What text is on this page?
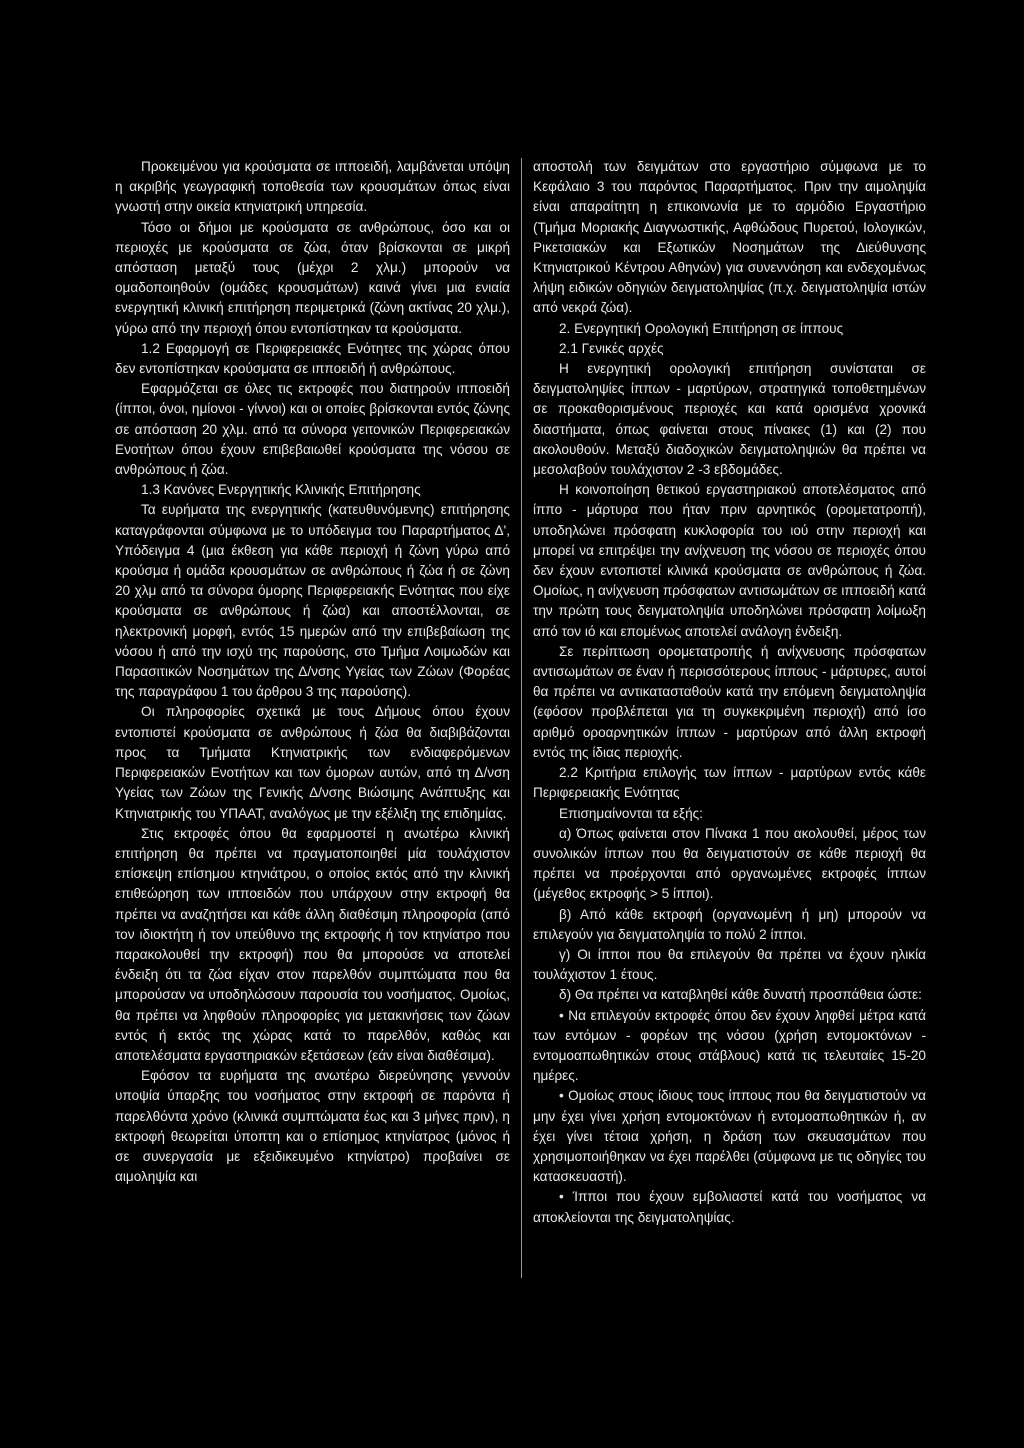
Προκειμένου για κρούσματα σε ιπποειδή, λαμβάνεται υπόψη η ακριβής γεωγραφική τοποθεσία των κρουσμάτων όπως είναι γνωστή στην οικεία κτηνιατρική υπηρεσία.

Τόσο οι δήμοι με κρούσματα σε ανθρώπους, όσο και οι περιοχές με κρούσματα σε ζώα, όταν βρίσκονται σε μικρή απόσταση μεταξύ τους (μέχρι 2 χλμ.) μπορούν να ομαδοποιηθούν (ομάδες κρουσμάτων) καινά γίνει μια ενιαία ενεργητική κλινική επιτήρηση περιμετρικά (ζώνη ακτίνας 20 χλμ.), γύρω από την περιοχή όπου εντοπίστηκαν τα κρούσματα.

1.2 Εφαρμογή σε Περιφερειακές Ενότητες της χώρας όπου δεν εντοπίστηκαν κρούσματα σε ιπποειδή ή ανθρώπους.

Εφαρμόζεται σε όλες τις εκτροφές που διατηρούν ιπποειδή (ίπποι, όνοι, ημίονοι - γίννοι) και οι οποίες βρίσκονται εντός ζώνης σε απόσταση 20 χλμ. από τα σύνορα γειτονικών Περιφερειακών Ενοτήτων όπου έχουν επιβεβαιωθεί κρούσματα της νόσου σε ανθρώπους ή ζώα.

1.3 Κανόνες Ενεργητικής Κλινικής Επιτήρησης

Τα ευρήματα της ενεργητικής (κατευθυνόμενης) επιτήρησης καταγράφονται σύμφωνα με το υπόδειγμα του Παραρτήματος Δ', Υπόδειγμα 4 (μια έκθεση για κάθε περιοχή ή ζώνη γύρω από κρούσμα ή ομάδα κρουσμάτων σε ανθρώπους ή ζώα ή σε ζώνη 20 χλμ από τα σύνορα όμορης Περιφερειακής Ενότητας που είχε κρούσματα σε ανθρώπους ή ζώα) και αποστέλλονται, σε ηλεκτρονική μορφή, εντός 15 ημερών από την επιβεβαίωση της νόσου ή από την ισχύ της παρούσης, στο Τμήμα Λοιμωδών και Παρασιτικών Νοσημάτων της Δ/νσης Υγείας των Ζώων (Φορέας της παραγράφου 1 του άρθρου 3 της παρούσης).

Οι πληροφορίες σχετικά με τους Δήμους όπου έχουν εντοπιστεί κρούσματα σε ανθρώπους ή ζώα θα διαβιβάζονται προς τα Τμήματα Κτηνιατρικής των ενδιαφερόμενων Περιφερειακών Ενοτήτων και των όμορων αυτών, από τη Δ/νση Υγείας των Ζώων της Γενικής Δ/νσης Βιώσιμης Ανάπτυξης και Κτηνιατρικής του ΥΠΑΑΤ, αναλόγως με την εξέλιξη της επιδημίας.

Στις εκτροφές όπου θα εφαρμοστεί η ανωτέρω κλινική επιτήρηση θα πρέπει να πραγματοποιηθεί μία τουλάχιστον επίσκεψη επίσημου κτηνιάτρου, ο οποίος εκτός από την κλινική επιθεώρηση των ιπποειδών που υπάρχουν στην εκτροφή θα πρέπει να αναζητήσει και κάθε άλλη διαθέσιμη πληροφορία (από τον ιδιοκτήτη ή τον υπεύθυνο της εκτροφής ή τον κτηνίατρο που παρακολουθεί την εκτροφή) που θα μπορούσε να αποτελεί ένδειξη ότι τα ζώα είχαν στον παρελθόν συμπτώματα που θα μπορούσαν να υποδηλώσουν παρουσία του νοσήματος. Ομοίως, θα πρέπει να ληφθούν πληροφορίες για μετακινήσεις των ζώων εντός ή εκτός της χώρας κατά το παρελθόν, καθώς και αποτελέσματα εργαστηριακών εξετάσεων (εάν είναι διαθέσιμα).

Εφόσον τα ευρήματα της ανωτέρω διερεύνησης γεννούν υποψία ύπαρξης του νοσήματος στην εκτροφή σε παρόντα ή παρελθόντα χρόνο (κλινικά συμπτώματα έως και 3 μήνες πριν), η εκτροφή θεωρείται ύποπτη και ο επίσημος κτηνίατρος (μόνος ή σε συνεργασία με εξειδικευμένο κτηνίατρο) προβαίνει σε αιμοληψία και

αποστολή των δειγμάτων στο εργαστήριο σύμφωνα με το Κεφάλαιο 3 του παρόντος Παραρτήματος. Πριν την αιμοληψία είναι απαραίτητη η επικοινωνία με το αρμόδιο Εργαστήριο (Τμήμα Μοριακής Διαγνωστικής, Αφθώδους Πυρετού, Ιολογικών, Ρικετσιακών και Εξωτικών Νοσημάτων της Διεύθυνσης Κτηνιατρικού Κέντρου Αθηνών) για συνεννόηση και ενδεχομένως λήψη ειδικών οδηγιών δειγματοληψίας (π.χ. δειγματοληψία ιστών από νεκρά ζώα).

2. Ενεργητική Ορολογική Επιτήρηση σε ίππους
2.1 Γενικές αρχές

Η ενεργητική ορολογική επιτήρηση συνίσταται σε δειγματοληψίες ίππων - μαρτύρων, στρατηγικά τοποθετημένων σε προκαθορισμένους περιοχές και κατά ορισμένα χρονικά διαστήματα, όπως φαίνεται στους πίνακες (1) και (2) που ακολουθούν. Μεταξύ διαδοχικών δειγματοληψιών θα πρέπει να μεσολαβούν τουλάχιστον 2 -3 εβδομάδες.

Η κοινοποίηση θετικού εργαστηριακού αποτελέσματος από ίππο - μάρτυρα που ήταν πριν αρνητικός (ορομετατροπή), υποδηλώνει πρόσφατη κυκλοφορία του ιού στην περιοχή και μπορεί να επιτρέψει την ανίχνευση της νόσου σε περιοχές όπου δεν έχουν εντοπιστεί κλινικά κρούσματα σε ανθρώπους ή ζώα. Ομοίως, η ανίχνευση πρόσφατων αντισωμάτων σε ιπποειδή κατά την πρώτη τους δειγματοληψία υποδηλώνει πρόσφατη λοίμωξη από τον ιό και επομένως αποτελεί ανάλογη ένδειξη.

Σε περίπτωση ορομετατροπής ή ανίχνευσης πρόσφατων αντισωμάτων σε έναν ή περισσότερους ίππους - μάρτυρες, αυτοί θα πρέπει να αντικατασταθούν κατά την επόμενη δειγματοληψία (εφόσον προβλέπεται για τη συγκεκριμένη περιοχή) από ίσο αριθμό οροαρνητικών ίππων - μαρτύρων από άλλη εκτροφή εντός της ίδιας περιοχής.

2.2 Κριτήρια επιλογής των ίππων - μαρτύρων εντός κάθε Περιφερειακής Ενότητας

Επισημαίνονται τα εξής:

α) Όπως φαίνεται στον Πίνακα 1 που ακολουθεί, μέρος των συνολικών ίππων που θα δειγματιστούν σε κάθε περιοχή θα πρέπει να προέρχονται από οργανωμένες εκτροφές ίππων (μέγεθος εκτροφής > 5 ίπποι).

β) Από κάθε εκτροφή (οργανωμένη ή μη) μπορούν να επιλεγούν για δειγματοληψία το πολύ 2 ίπποι.

γ) Οι ίπποι που θα επιλεγούν θα πρέπει να έχουν ηλικία τουλάχιστον 1 έτους.

δ) Θα πρέπει να καταβληθεί κάθε δυνατή προσπάθεια ώστε:

• Να επιλεγούν εκτροφές όπου δεν έχουν ληφθεί μέτρα κατά των εντόμων - φορέων της νόσου (χρήση εντομοκτόνων - εντομοαπωθητικών στους στάβλους) κατά τις τελευταίες 15-20 ημέρες.

• Ομοίως στους ίδιους τους ίππους που θα δειγματιστούν να μην έχει γίνει χρήση εντομοκτόνων ή εντομοαπωθητικών ή, αν έχει γίνει τέτοια χρήση, η δράση των σκευασμάτων που χρησιμοποιήθηκαν να έχει παρέλθει (σύμφωνα με τις οδηγίες του κατασκευαστή).

• Ίπποι που έχουν εμβολιαστεί κατά του νοσήματος να αποκλείονται της δειγματοληψίας.
